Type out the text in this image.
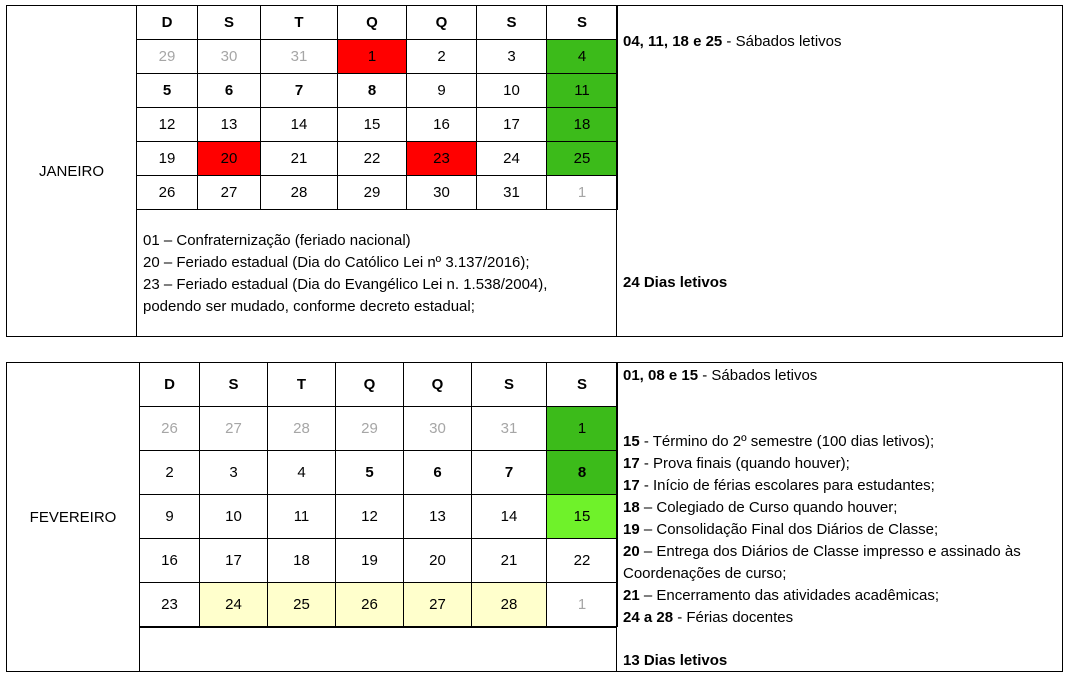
JANEIRO
D	S	T	Q	Q	S	S
29	30	31	1	2	3	4
5	6	7	8	9	10	11
12	13	14	15	16	17	18
19	20	21	22	23	24	25
26	27	28	29	30	31	1
01 – Confraternização (feriado nacional)
20 – Feriado estadual (Dia do Católico Lei nº 3.137/2016);
23 – Feriado estadual (Dia do Evangélico Lei n. 1.538/2004),
podendo ser mudado, conforme decreto estadual;
04, 11, 18 e 25 - Sábados letivos
24 Dias letivos
FEVEREIRO
D	S	T	Q	Q	S	S
26	27	28	29	30	31	1
2	3	4	5	6	7	8
9	10	11	12	13	14	15
16	17	18	19	20	21	22
23	24	25	26	27	28	1
01, 08 e 15 - Sábados letivos
15 - Término do 2º semestre (100 dias letivos);
17 - Prova finais (quando houver);
17 - Início de férias escolares para estudantes;
18 – Colegiado de Curso quando houver;
19 – Consolidação Final dos Diários de Classe;
20 – Entrega dos Diários de Classe impresso e assinado às Coordenações de curso;
21 – Encerramento das atividades acadêmicas;
24 a 28 - Férias docentes
13 Dias letivos
